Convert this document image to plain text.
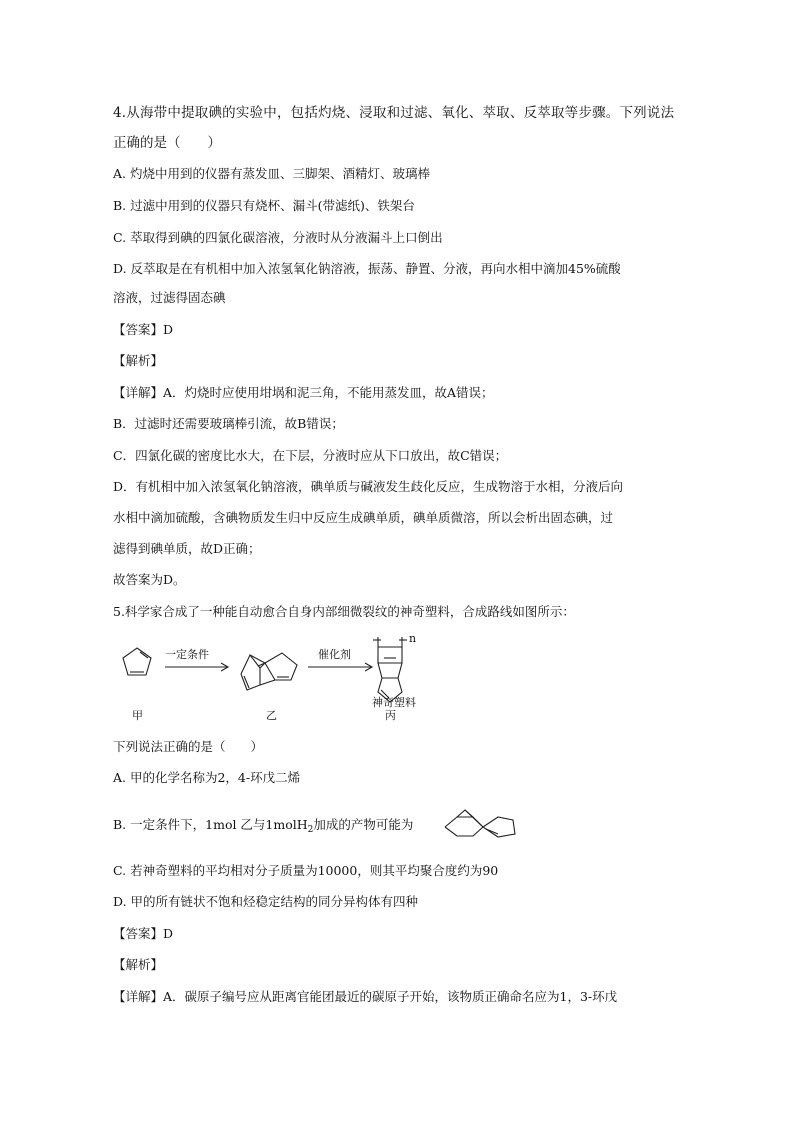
4.从海带中提取碘的实验中，包括灼烧、浸取和过滤、氧化、萃取、反萃取等步骤。下列说法
正确的是（　　）
A. 灼烧中用到的仪器有蒸发皿、三脚架、酒精灯、玻璃棒
B. 过滤中用到的仪器只有烧杯、漏斗(带滤纸)、铁架台
C. 萃取得到碘的四氯化碳溶液，分液时从分液漏斗上口倒出
D. 反萃取是在有机相中加入浓氢氧化钠溶液，振荡、静置、分液，再向水相中滴加45%硫酸
溶液，过滤得固态碘
【答案】D
【解析】
【详解】A．灼烧时应使用坩埚和泥三角，不能用蒸发皿，故A错误；
B．过滤时还需要玻璃棒引流，故B错误；
C．四氯化碳的密度比水大，在下层，分液时应从下口放出，故C错误；
D．有机相中加入浓氢氧化钠溶液，碘单质与碱液发生歧化反应，生成物溶于水相，分液后向
水相中滴加硫酸，含碘物质发生归中反应生成碘单质，碘单质微溶，所以会析出固态碘，过
滤得到碘单质，故D正确；
故答案为D。
5.科学家合成了一种能自动愈合自身内部细微裂纹的神奇塑料，合成路线如图所示：
一定条件	催化剂
n
神奇塑料
甲	乙	丙
下列说法正确的是（　　）
A. 甲的化学名称为2，4-环戊二烯
B. 一定条件下，1mol 乙与1molH$_2$加成的产物可能为
C. 若神奇塑料的平均相对分子质量为10000，则其平均聚合度约为90
D. 甲的所有链状不饱和烃稳定结构的同分异构体有四种
【答案】D
【解析】
【详解】A．碳原子编号应从距离官能团最近的碳原子开始，该物质正确命名应为1，3-环戊
